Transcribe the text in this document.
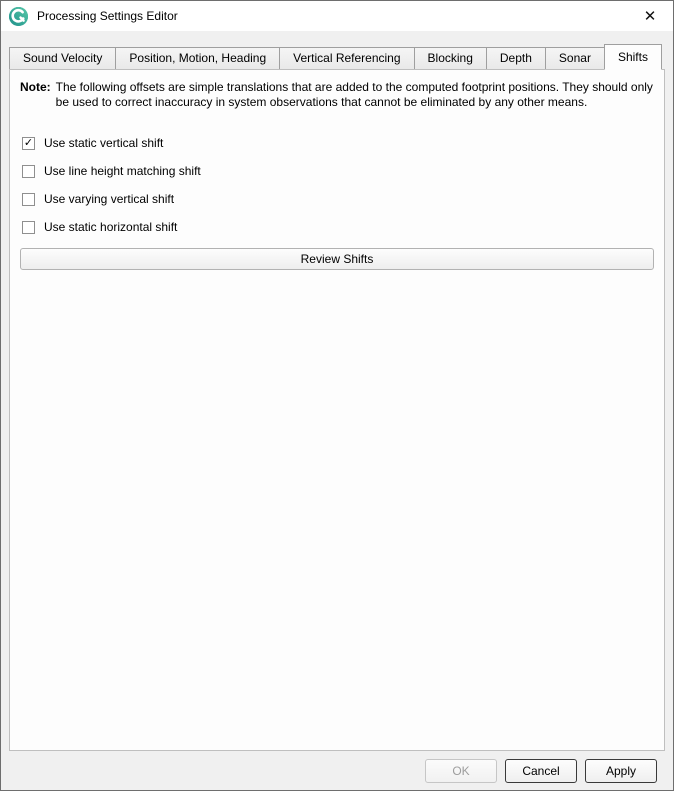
Processing Settings Editor	✕
Sound Velocity	Position, Motion, Heading	Vertical Referencing	Blocking	Depth	Sonar	Shifts
Note: The following offsets are simple translations that are added to the computed footprint positions. They should only be used to correct inaccuracy in system observations that cannot be eliminated by any other means.
✓ Use static vertical shift
Use line height matching shift
Use varying vertical shift
Use static horizontal shift
Review Shifts
OK	Cancel	Apply
